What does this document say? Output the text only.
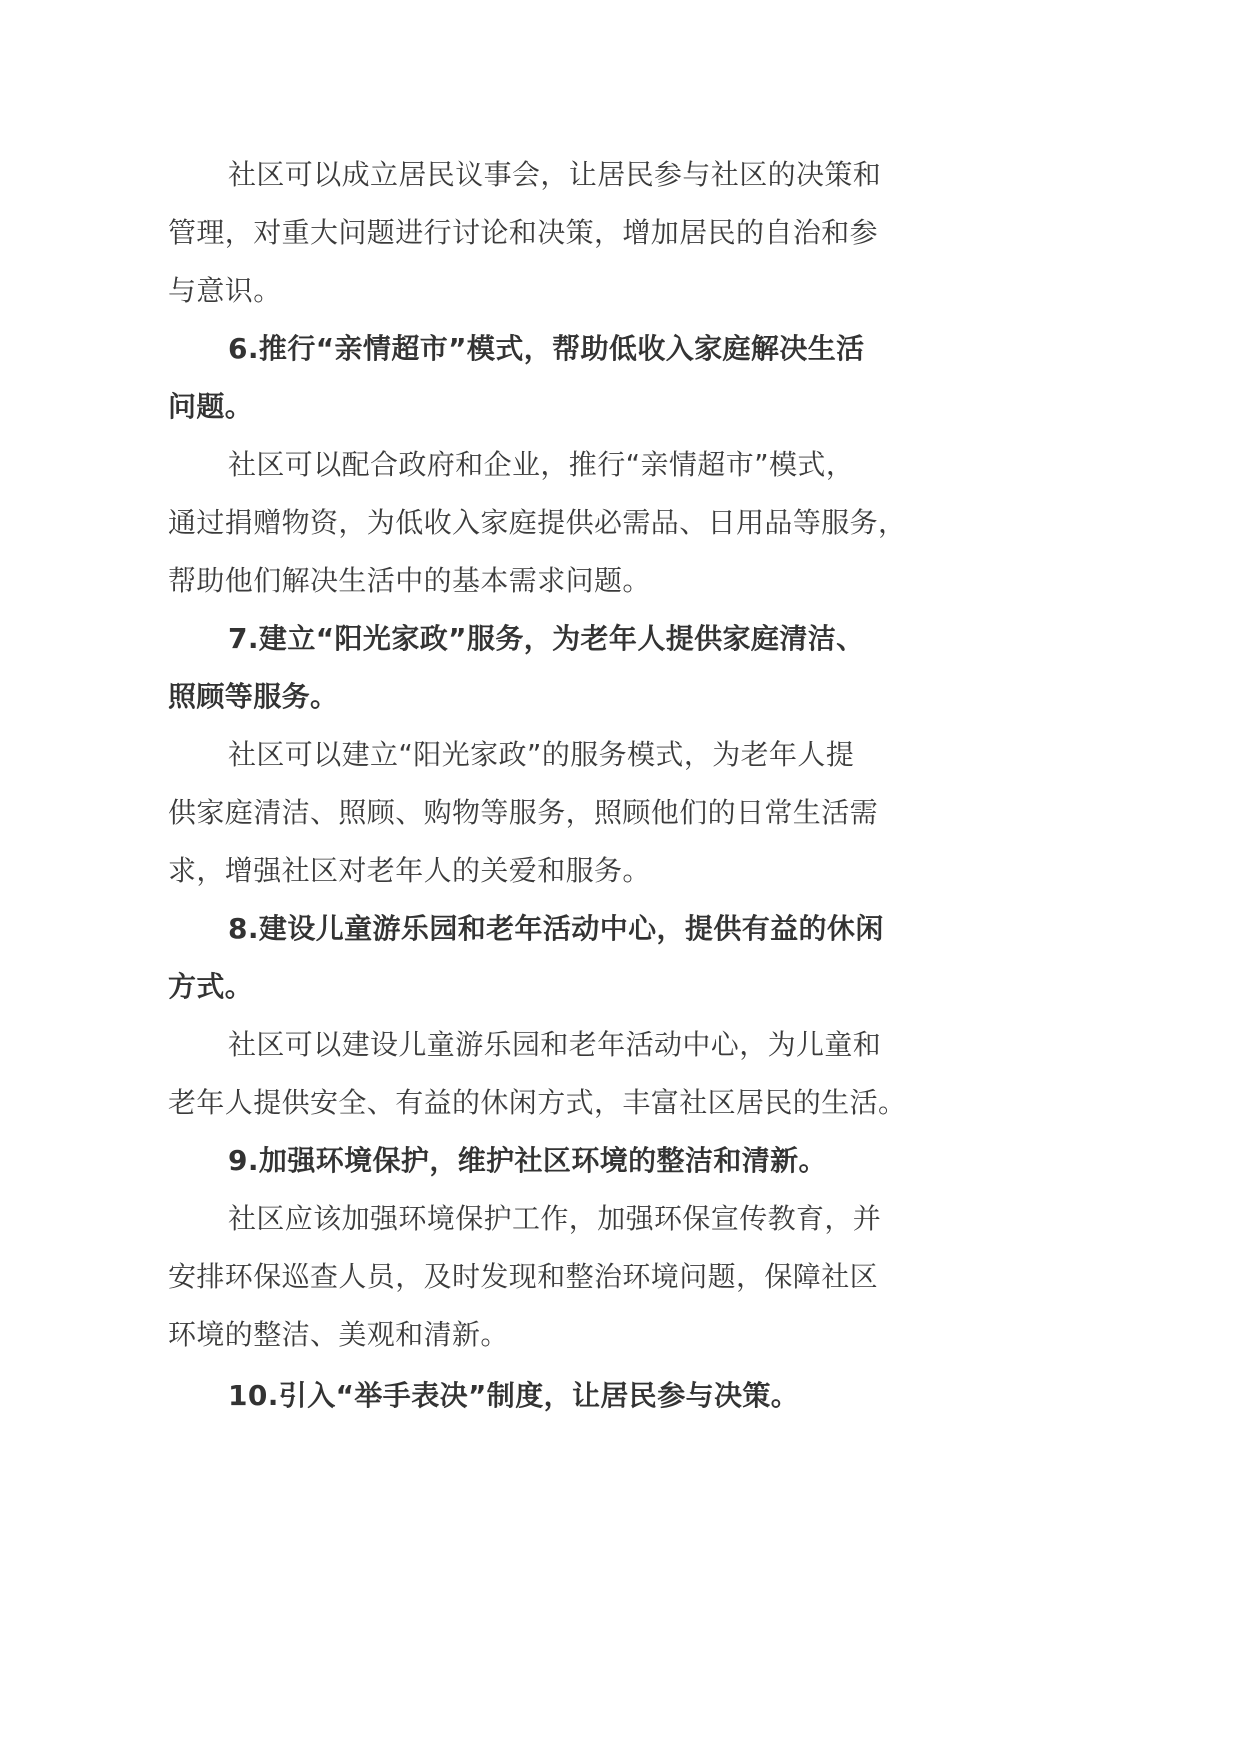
社区可以成立居民议事会，让居民参与社区的决策和
管理，对重大问题进行讨论和决策，增加居民的自治和参
与意识。
6.推行“亲情超市”模式，帮助低收入家庭解决生活
问题。
社区可以配合政府和企业，推行“亲情超市”模式，
通过捐赠物资，为低收入家庭提供必需品、日用品等服务，
帮助他们解决生活中的基本需求问题。
7.建立“阳光家政”服务，为老年人提供家庭清洁、
照顾等服务。
社区可以建立“阳光家政”的服务模式，为老年人提
供家庭清洁、照顾、购物等服务，照顾他们的日常生活需
求，增强社区对老年人的关爱和服务。
8.建设儿童游乐园和老年活动中心，提供有益的休闲
方式。
社区可以建设儿童游乐园和老年活动中心，为儿童和
老年人提供安全、有益的休闲方式，丰富社区居民的生活。
9.加强环境保护，维护社区环境的整洁和清新。
社区应该加强环境保护工作，加强环保宣传教育，并
安排环保巡查人员，及时发现和整治环境问题，保障社区
环境的整洁、美观和清新。
10.引入“举手表决”制度，让居民参与决策。
